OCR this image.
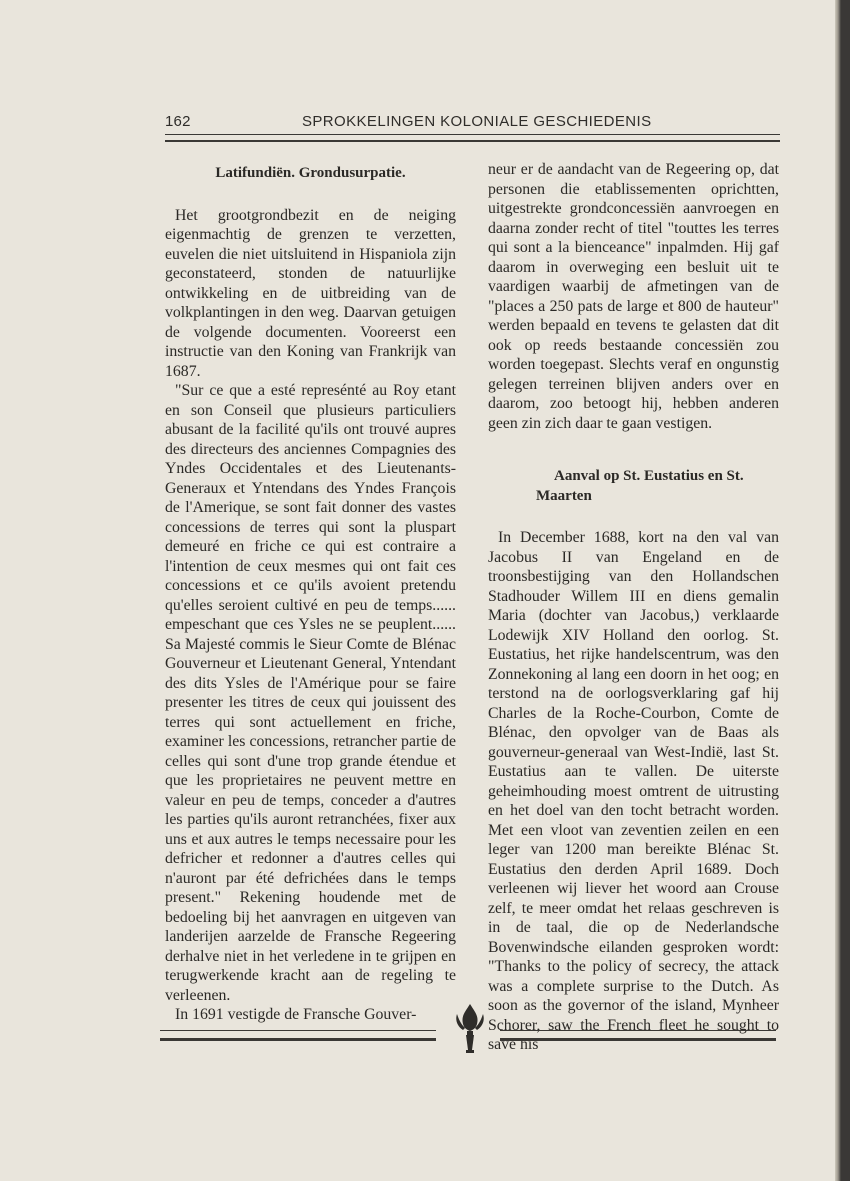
162	SPROKKELINGEN KOLONIALE GESCHIEDENIS
Latifundiën. Grondusurpatie.

Het grootgrondbezit en de neiging eigenmachtig de grenzen te verzetten, euvelen die niet uitsluitend in Hispaniola zijn geconstateerd, stonden de natuurlijke ontwikkeling en de uitbreiding van de volkplantingen in den weg. Daarvan getuigen de volgende documenten. Vooreerst een instructie van den Koning van Frankrijk van 1687.

"Sur ce que a esté represénté au Roy etant en son Conseil que plusieurs particuliers abusant de la facilité qu'ils ont trouvé aupres des directeurs des anciennes Compagnies des Yndes Occidentales et des Lieutenants-Generaux et Yntendans des Yndes François de l'Amerique, se sont fait donner des vastes concessions de terres qui sont la pluspart demeuré en friche ce qui est contraire a l'intention de ceux mesmes qui ont fait ces concessions et ce qu'ils avoient pretendu qu'elles seroient cultivé en peu de temps...... empeschant que ces Ysles ne se peuplent...... Sa Majesté commis le Sieur Comte de Blénac Gouverneur et Lieutenant General, Yntendant des dits Ysles de l'Amérique pour se faire presenter les titres de ceux qui jouissent des terres qui sont actuellement en friche, examiner les concessions, retrancher partie de celles qui sont d'une trop grande étendue et que les proprietaires ne peuvent mettre en valeur en peu de temps, conceder a d'autres les parties qu'ils auront retranchées, fixer aux uns et aux autres le temps necessaire pour les defricher et redonner a d'autres celles qui n'auront par été defrichées dans le temps present." Rekening houdende met de bedoeling bij het aanvragen en uitgeven van landerijen aarzelde de Fransche Regeering derhalve niet in het verledene in te grijpen en terugwerkende kracht aan de regeling te verleenen.

In 1691 vestigde de Fransche Gouver-

neur er de aandacht van de Regeering op, dat personen die etablissementen oprichtten, uitgestrekte grondconcessiën aanvroegen en daarna zonder recht of titel "touttes les terres qui sont a la bienceance" inpalmden. Hij gaf daarom in overweging een besluit uit te vaardigen waarbij de afmetingen van de "places a 250 pats de large et 800 de hauteur" werden bepaald en tevens te gelasten dat dit ook op reeds bestaande concessiën zou worden toegepast. Slechts veraf en ongunstig gelegen terreinen blijven anders over en daarom, zoo betoogt hij, hebben anderen geen zin zich daar te gaan vestigen.

Aanval op St. Eustatius en St. Maarten

In December 1688, kort na den val van Jacobus II van Engeland en de troonsbestijging van den Hollandschen Stadhouder Willem III en diens gemalin Maria (dochter van Jacobus,) verklaarde Lodewijk XIV Holland den oorlog. St. Eustatius, het rijke handelscentrum, was den Zonnekoning al lang een doorn in het oog; en terstond na de oorlogsverklaring gaf hij Charles de la Roche-Courbon, Comte de Blénac, den opvolger van de Baas als gouverneur-generaal van West-Indië, last St. Eustatius aan te vallen. De uiterste geheimhouding moest omtrent de uitrusting en het doel van den tocht betracht worden. Met een vloot van zeventien zeilen en een leger van 1200 man bereikte Blénac St. Eustatius den derden April 1689. Doch verleenen wij liever het woord aan Crouse zelf, te meer omdat het relaas geschreven is in de taal, die op de Nederlandsche Bovenwindsche eilanden gesproken wordt: "Thanks to the policy of secrecy, the attack was a complete surprise to the Dutch. As soon as the governor of the island, Mynheer Schorer, saw the French fleet he sought to save his
